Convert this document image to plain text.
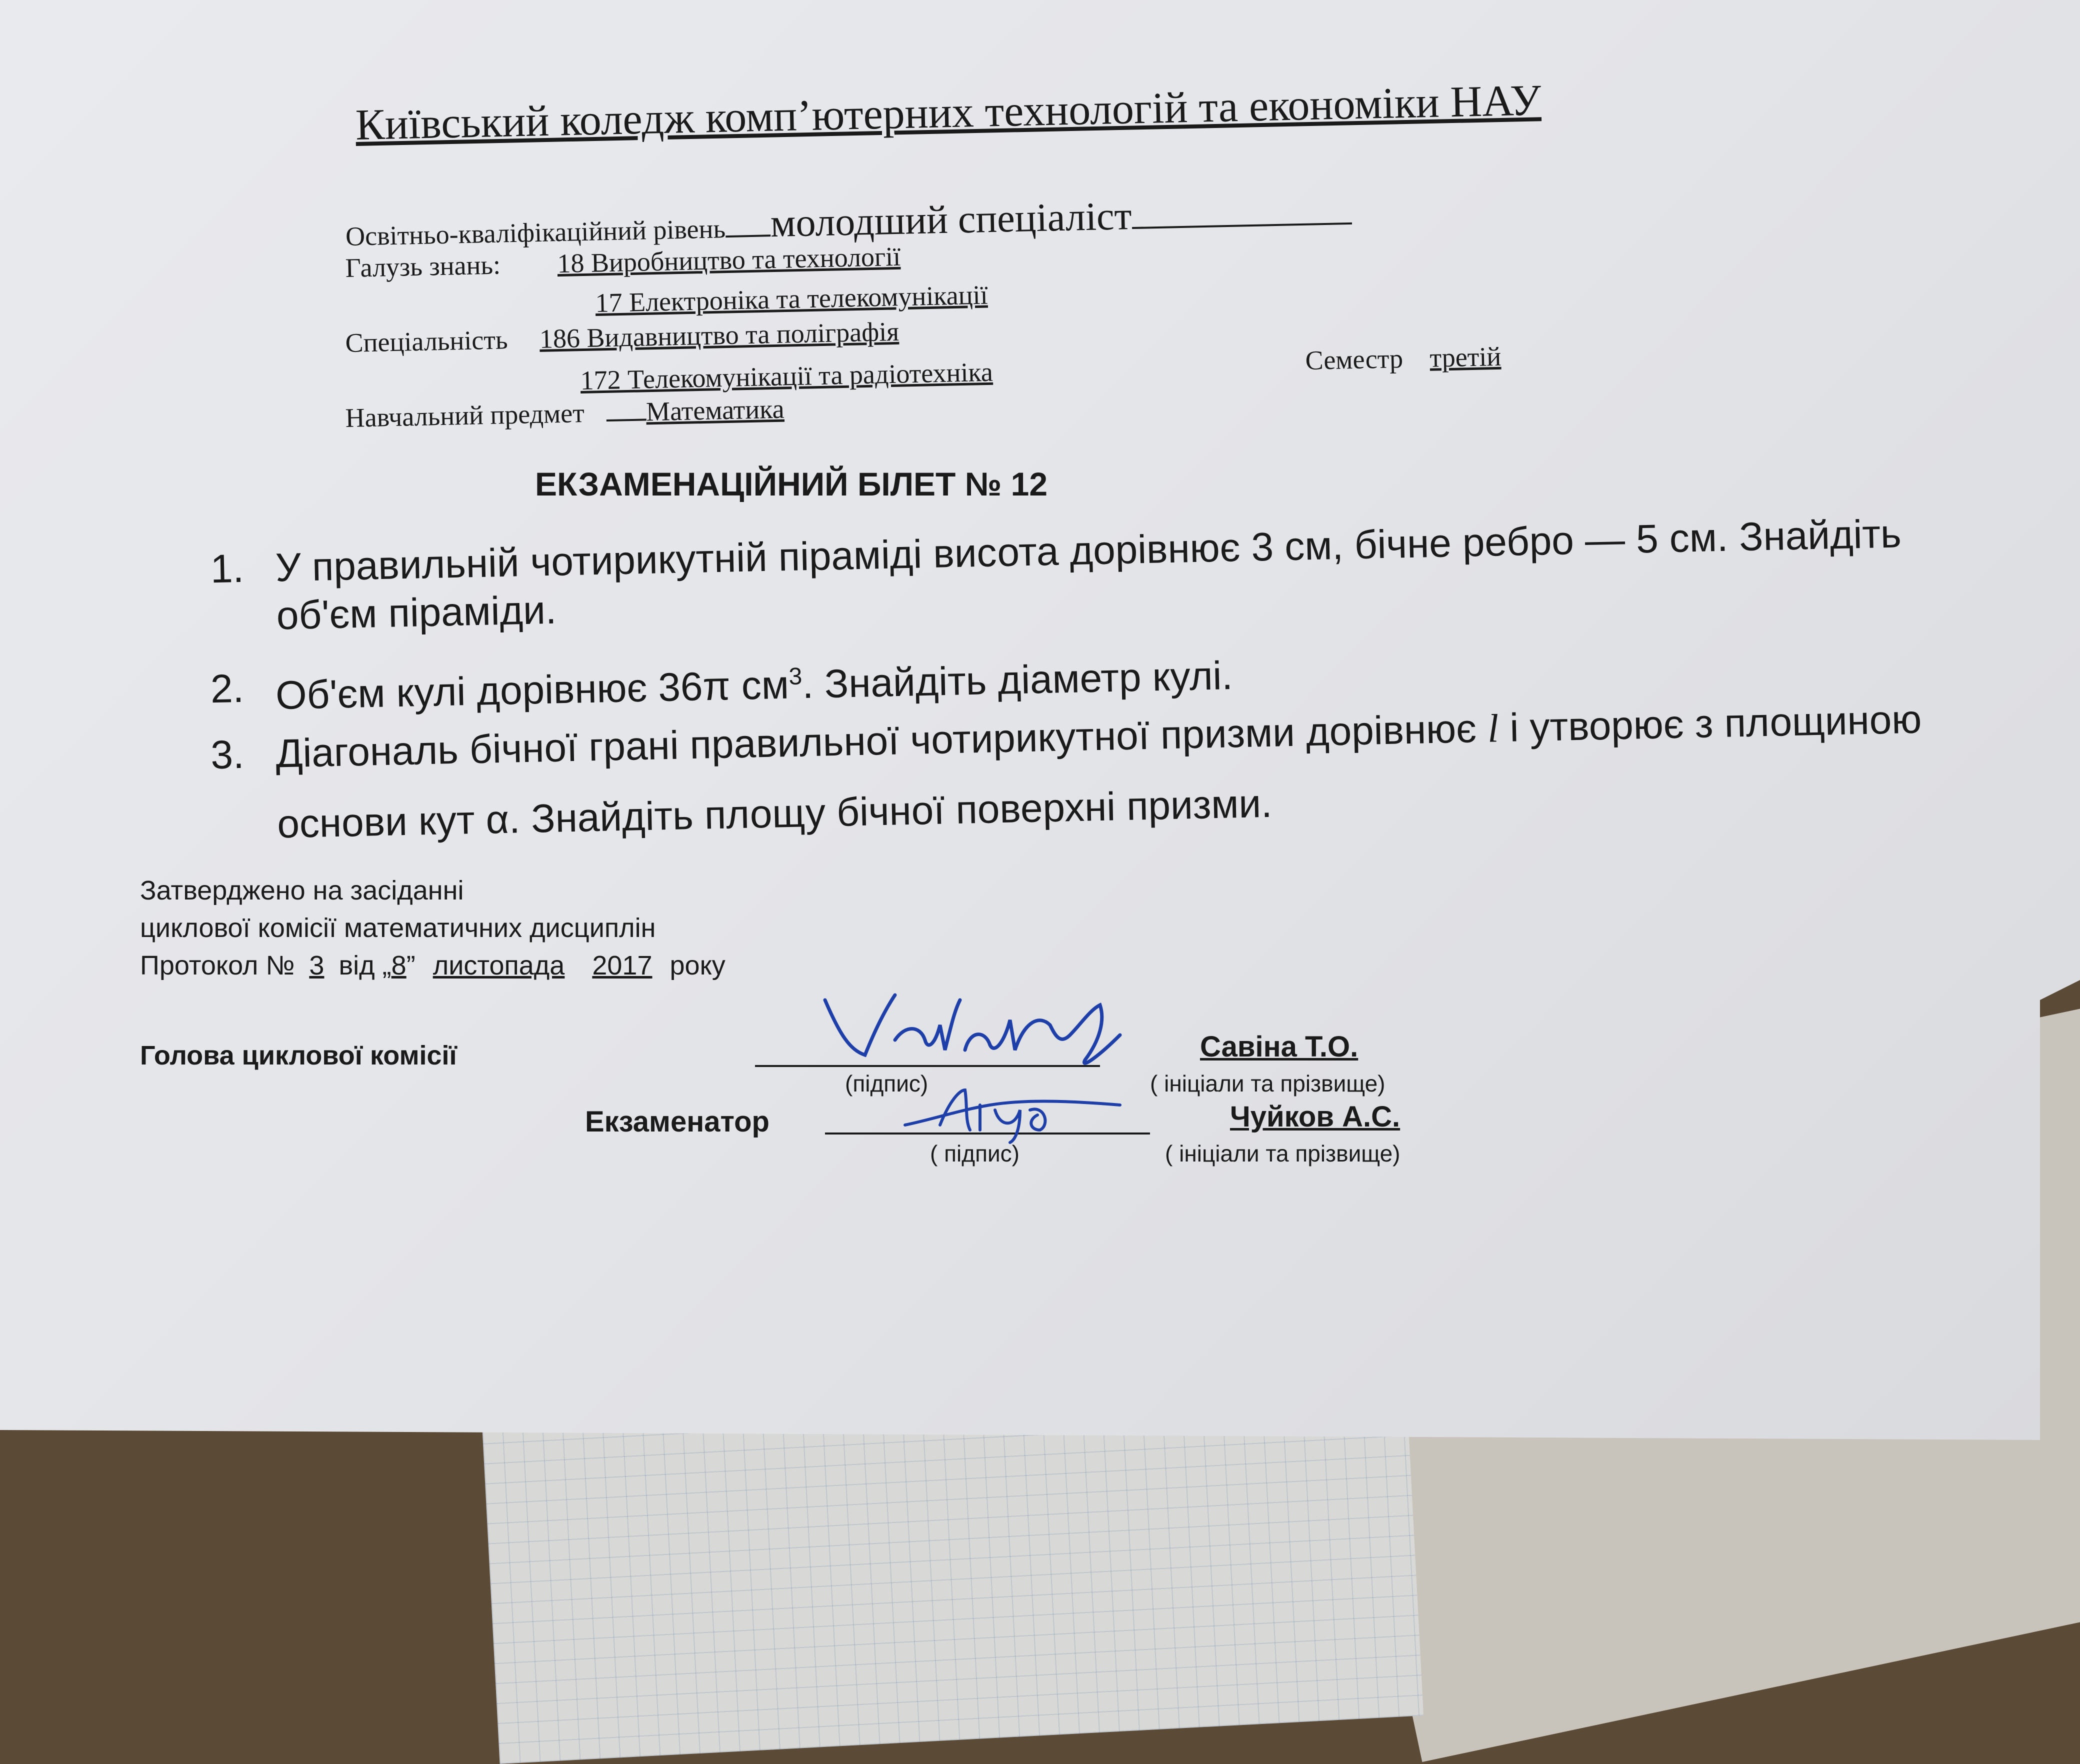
Київський коледж комп’ютерних технологій та економіки НАУ
Освітньо-кваліфікаційний рівень молодший спеціаліст
Галузь знань: 18 Виробництво та технології
17 Електроніка та телекомунікації
Спеціальність 186 Видавництво та поліграфія
172 Телекомунікації та радіотехніка	Семестр третій
Навчальний предмет Математика
ЕКЗАМЕНАЦІЙНИЙ БІЛЕТ № 12
1. У правильній чотирикутній піраміді висота дорівнює 3 см, бічне ребро — 5 см. Знайдіть об'єм піраміди.
2. Об'єм кулі дорівнює 36π $см^3$. Знайдіть діаметр кулі.
3. Діагональ бічної грані правильної чотирикутної призми дорівнює l і утворює з площиною основи кут α. Знайдіть площу бічної поверхні призми.
Затверджено на засіданні
циклової комісії математичних дисциплін
Протокол № 3 від „8” листопада 2017 року
Голова циклової комісії
(підпис)
Савіна Т.О.
( ініціали та прізвище)
Екзаменатор
( підпис)
Чуйков А.С.
( ініціали та прізвище)
